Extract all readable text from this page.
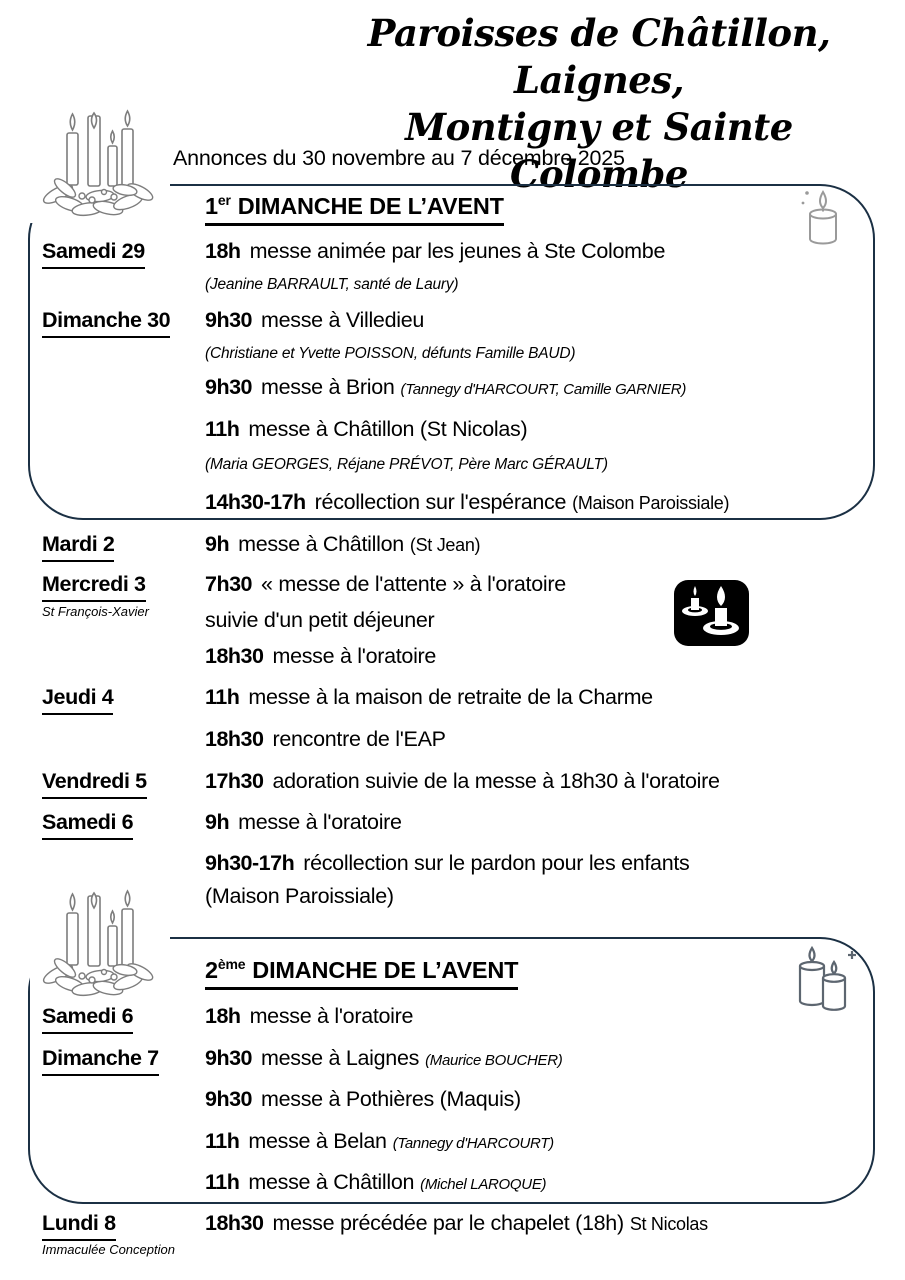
Paroisses de Châtillon, Laignes,
Montigny et Sainte Colombe
Annonces du 30 novembre au 7 décembre 2025
1er DIMANCHE DE L’AVENT
2ème DIMANCHE DE L’AVENT
Samedi 29	18h messe animée par les jeunes à Ste Colombe
(Jeanine BARRAULT, santé de Laury)
Dimanche 30 9h30 messe à Villedieu
(Christiane et Yvette POISSON, défunts Famille BAUD)
9h30 messe à Brion (Tannegy d'HARCOURT, Camille GARNIER)
11h messe à Châtillon (St Nicolas)
(Maria GEORGES, Réjane PRÉVOT, Père Marc GÉRAULT)
14h30-17h récollection sur l'espérance (Maison Paroissiale)
Mardi 2	9h messe à Châtillon (St Jean)
Mercredi 3	7h30 « messe de l'attente » à l'oratoire
St François-Xavier	suivie d'un petit déjeuner
18h30 messe à l'oratoire
Jeudi 4	11h messe à la maison de retraite de la Charme
18h30 rencontre de l'EAP
Vendredi 5	17h30 adoration suivie de la messe à 18h30 à l'oratoire
Samedi 6	9h messe à l'oratoire
9h30-17h récollection sur le pardon pour les enfants
(Maison Paroissiale)
Samedi 6	18h messe à l'oratoire
Dimanche 7 9h30 messe à Laignes (Maurice BOUCHER)
9h30 messe à Pothières (Maquis)
11h messe à Belan (Tannegy d'HARCOURT)
11h messe à Châtillon (Michel LAROQUE)
Lundi 8	18h30 messe précédée par le chapelet (18h) St Nicolas
Immaculée Conception
